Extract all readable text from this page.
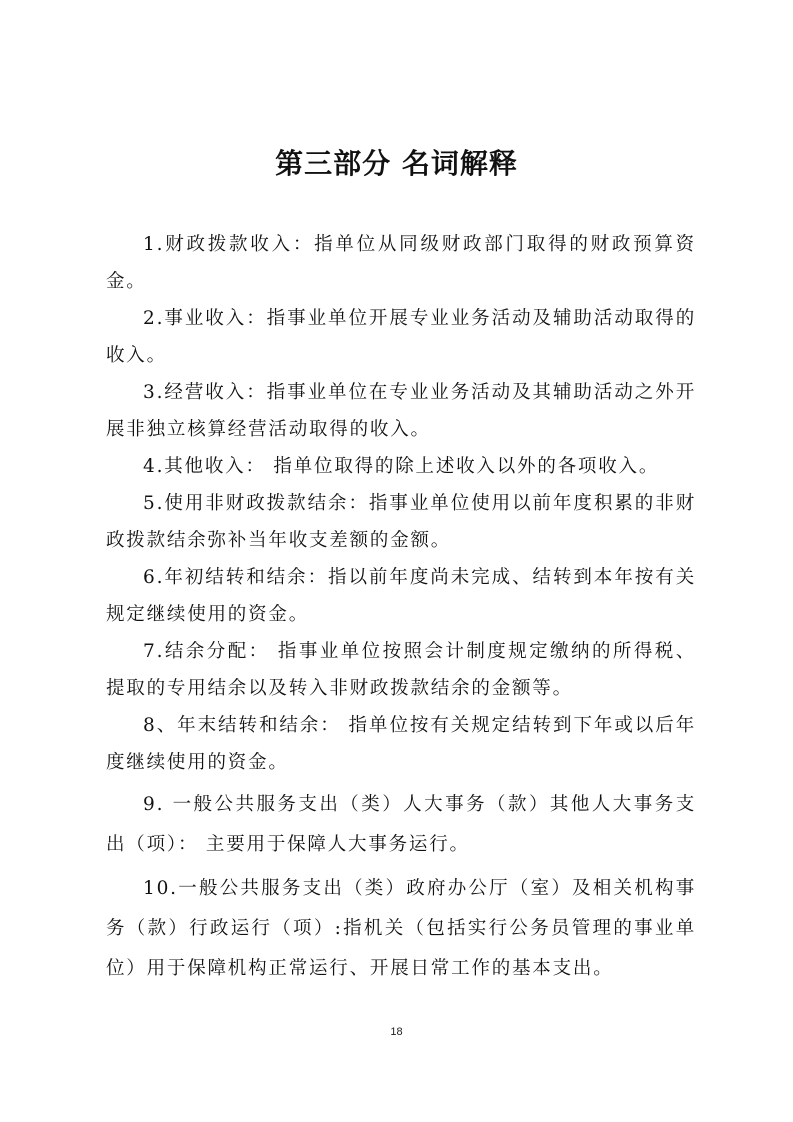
第三部分 名词解释

1.财政拨款收入：指单位从同级财政部门取得的财政预算资金。

2.事业收入：指事业单位开展专业业务活动及辅助活动取得的收入。

3.经营收入：指事业单位在专业业务活动及其辅助活动之外开展非独立核算经营活动取得的收入。

4.其他收入： 指单位取得的除上述收入以外的各项收入。

5.使用非财政拨款结余：指事业单位使用以前年度积累的非财政拨款结余弥补当年收支差额的金额。

6.年初结转和结余：指以前年度尚未完成、结转到本年按有关规定继续使用的资金。

7.结余分配： 指事业单位按照会计制度规定缴纳的所得税、提取的专用结余以及转入非财政拨款结余的金额等。

8、年末结转和结余： 指单位按有关规定结转到下年或以后年度继续使用的资金。

9. 一般公共服务支出（类）人大事务（款）其他人大事务支出（项）： 主要用于保障人大事务运行。

10.一般公共服务支出（类）政府办公厅（室）及相关机构事务（款）行政运行（项）:指机关（包括实行公务员管理的事业单位）用于保障机构正常运行、开展日常工作的基本支出。

18
